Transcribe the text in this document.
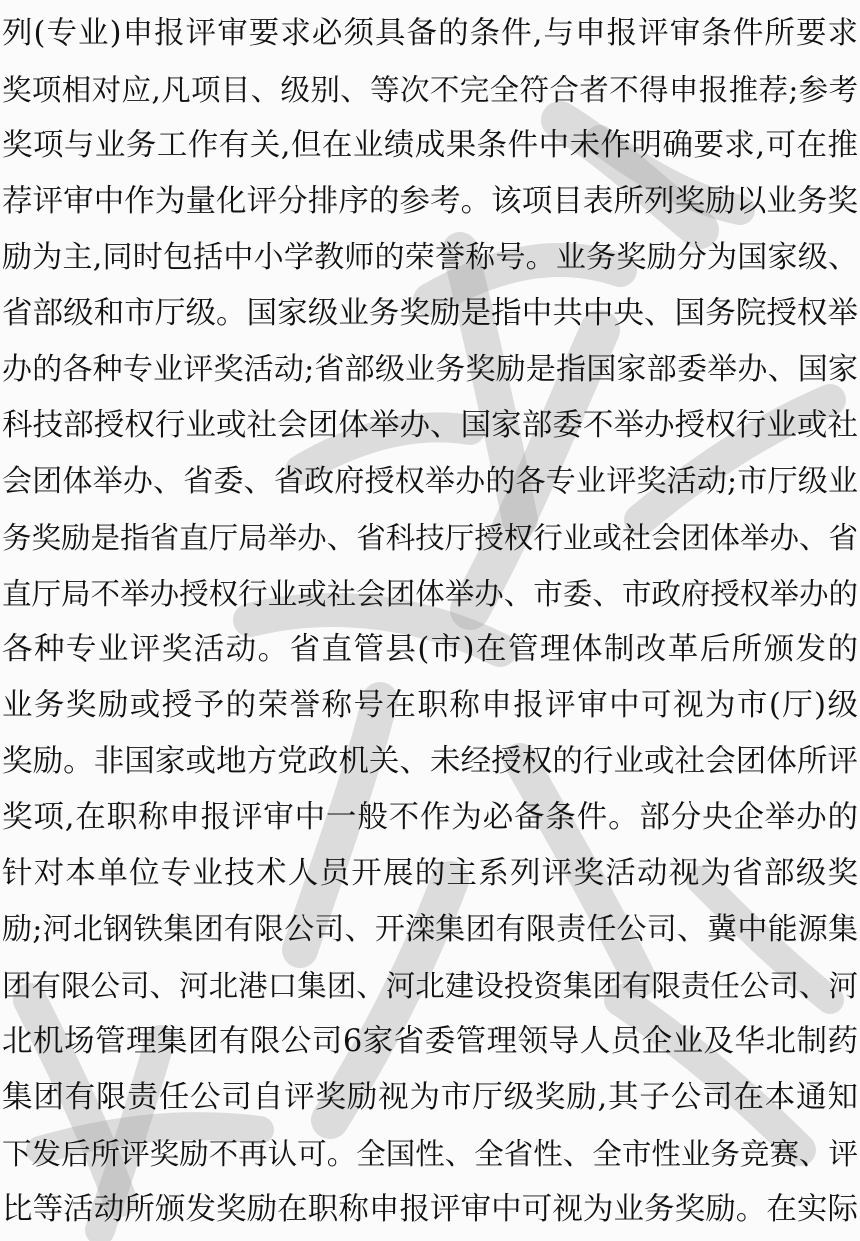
列(专业)申报评审要求必须具备的条件,与申报评审条件所要求
奖项相对应,凡项目、级别、等次不完全符合者不得申报推荐;参考
奖项与业务工作有关,但在业绩成果条件中未作明确要求,可在推
荐评审中作为量化评分排序的参考。该项目表所列奖励以业务奖
励为主,同时包括中小学教师的荣誉称号。业务奖励分为国家级、
省部级和市厅级。国家级业务奖励是指中共中央、国务院授权举
办的各种专业评奖活动;省部级业务奖励是指国家部委举办、国家
科技部授权行业或社会团体举办、国家部委不举办授权行业或社
会团体举办、省委、省政府授权举办的各专业评奖活动;市厅级业
务奖励是指省直厅局举办、省科技厅授权行业或社会团体举办、省
直厅局不举办授权行业或社会团体举办、市委、市政府授权举办的
各种专业评奖活动。省直管县(市)在管理体制改革后所颁发的
业务奖励或授予的荣誉称号在职称申报评审中可视为市(厅)级
奖励。非国家或地方党政机关、未经授权的行业或社会团体所评
奖项,在职称申报评审中一般不作为必备条件。部分央企举办的
针对本单位专业技术人员开展的主系列评奖活动视为省部级奖
励;河北钢铁集团有限公司、开滦集团有限责任公司、冀中能源集
团有限公司、河北港口集团、河北建设投资集团有限责任公司、河
北机场管理集团有限公司6家省委管理领导人员企业及华北制药
集团有限责任公司自评奖励视为市厅级奖励,其子公司在本通知
下发后所评奖励不再认可。全国性、全省性、全市性业务竞赛、评
比等活动所颁发奖励在职称申报评审中可视为业务奖励。在实际
